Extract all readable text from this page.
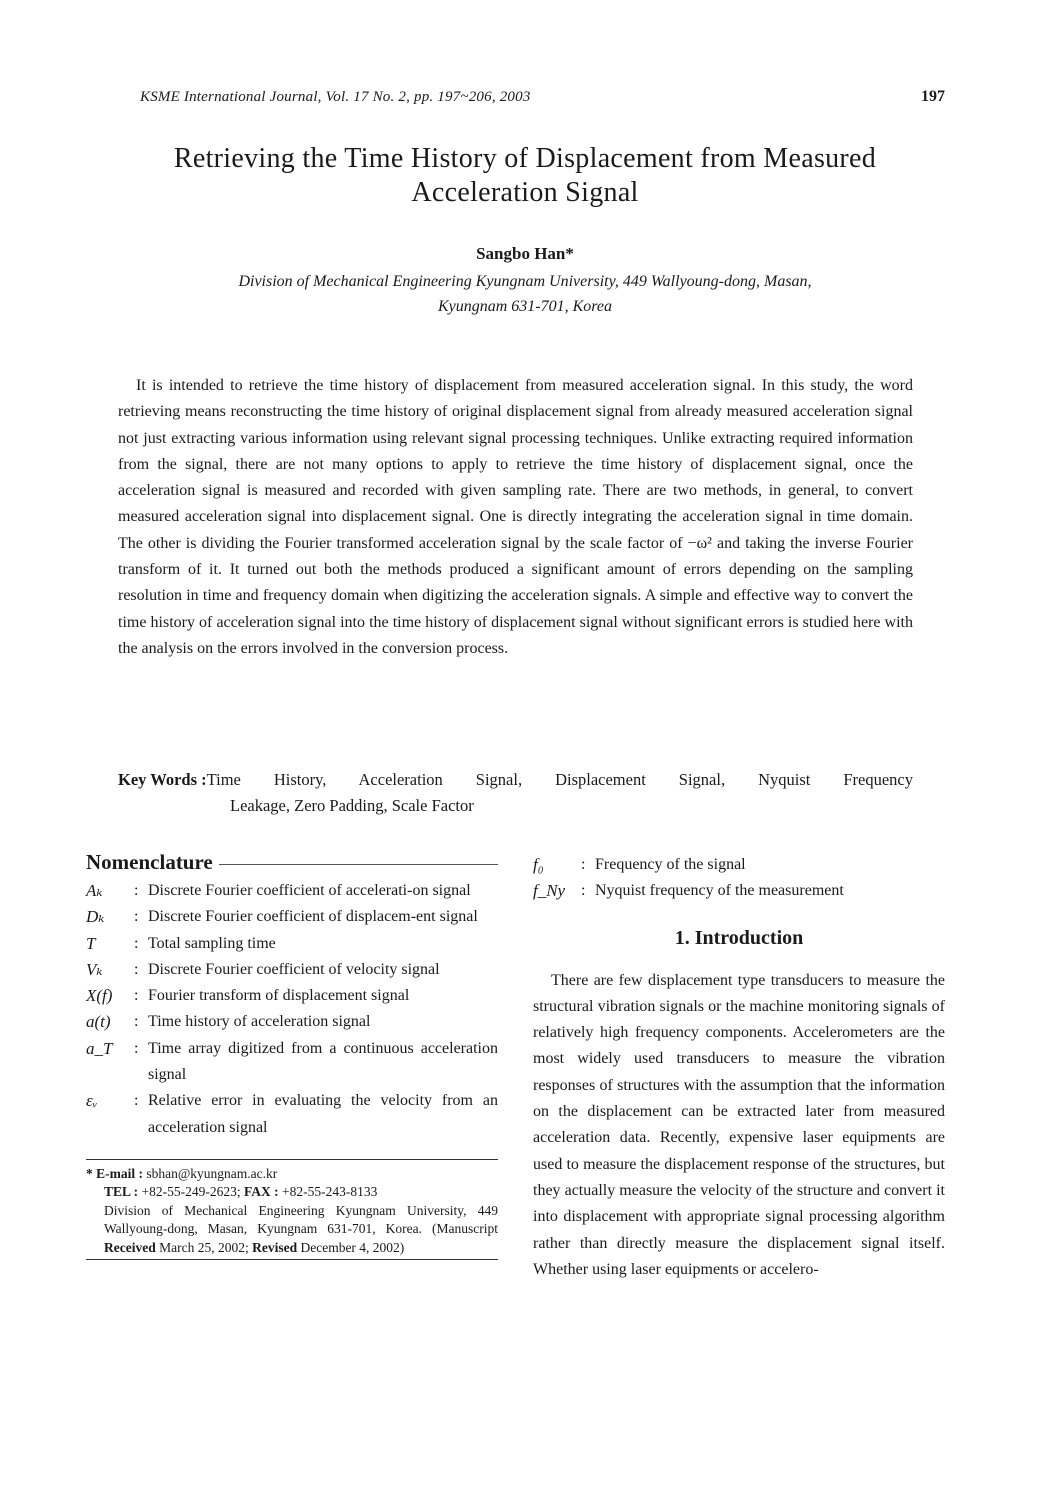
KSME International Journal, Vol. 17 No. 2, pp. 197~206, 2003	197
Retrieving the Time History of Displacement from Measured
Acceleration Signal
Sangbo Han*
Division of Mechanical Engineering Kyungnam University, 449 Wallyoung-dong, Masan,
Kyungnam 631-701, Korea

It is intended to retrieve the time history of displacement from measured acceleration signal. In this study, the word retrieving means reconstructing the time history of original displacement signal from already measured acceleration signal not just extracting various information using relevant signal processing techniques. Unlike extracting required information from the signal, there are not many options to apply to retrieve the time history of displacement signal, once the acceleration signal is measured and recorded with given sampling rate. There are two methods, in general, to convert measured acceleration signal into displacement signal. One is directly integrating the acceleration signal in time domain. The other is dividing the Fourier transformed acceleration signal by the scale factor of −ω² and taking the inverse Fourier transform of it. It turned out both the methods produced a significant amount of errors depending on the sampling resolution in time and frequency domain when digitizing the acceleration signals. A simple and effective way to convert the time history of acceleration signal into the time history of displacement signal without significant errors is studied here with the analysis on the errors involved in the conversion process.

Key Words : Time History, Acceleration Signal, Displacement Signal, Nyquist Frequency
Leakage, Zero Padding, Scale Factor
Nomenclature
Aₖ	: Discrete Fourier coefficient of accelerati-on signal
Dₖ	: Discrete Fourier coefficient of displacem-ent signal
T	: Total sampling time
Vₖ	: Discrete Fourier coefficient of velocity signal
X(f)	: Fourier transform of displacement signal
a(t)	: Time history of acceleration signal
a_T	: Time array digitized from a continuous acceleration signal
εᵥ	: Relative error in evaluating the velocity from an acceleration signal

* E-mail : sbhan@kyungnam.ac.kr

TEL : +82-55-249-2623; FAX : +82-55-243-8133

Division of Mechanical Engineering Kyungnam University, 449 Wallyoung-dong, Masan, Kyungnam 631-701, Korea. (Manuscript Received March 25, 2002; Revised December 4, 2002)

f₀	: Frequency of the signal
f_Ny : Nyquist frequency of the measurement
1. Introduction

There are few displacement type transducers to measure the structural vibration signals or the machine monitoring signals of relatively high frequency components. Accelerometers are the most widely used transducers to measure the vibration responses of structures with the assumption that the information on the displacement can be extracted later from measured acceleration data. Recently, expensive laser equipments are used to measure the displacement response of the structures, but they actually measure the velocity of the structure and convert it into displacement with appropriate signal processing algorithm rather than directly measure the displacement signal itself. Whether using laser equipments or accelero-
